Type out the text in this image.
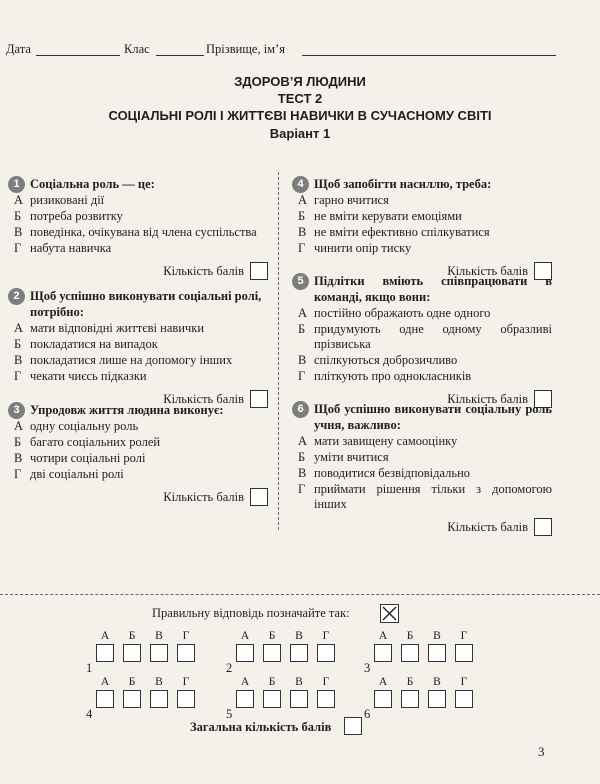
Дата	Клас	Прізвище, ім’я
ЗДОРОВ’Я ЛЮДИНИ
ТЕСТ 2
СОЦІАЛЬНІ РОЛІ І ЖИТТЄВІ НАВИЧКИ В СУЧАСНОМУ СВІТІ
Варіант 1
1 Соціальна роль — це:
А ризиковані дії
Б потреба розвитку
В поведінка, очікувана від члена суспільства
Г набута навичка
Кількість балів
2 Щоб успішно виконувати соціальні ролі, потрібно:
А мати відповідні життєві навички
Б покладатися на випадок
В покладатися лише на допомогу інших
Г чекати чиєсь підказки
Кількість балів
3 Упродовж життя людина виконує:
А одну соціальну роль
Б багато соціальних ролей
В чотири соціальні ролі
Г дві соціальні ролі
Кількість балів
4 Щоб запобігти насиллю, треба:
А гарно вчитися
Б не вміти керувати емоціями
В не вміти ефективно спілкуватися
Г чинити опір тиску
Кількість балів
5 Підлітки вміють співпрацювати в команді, якщо вони:
А постійно ображають одне одного
Б придумують одне одному образливі прізвиська
В спілкуються доброзичливо
Г пліткують про однокласників
Кількість балів
6 Щоб успішно виконувати соціальну роль учня, важливо:
А мати завищену самооцінку
Б уміти вчитися
В поводитися безвідповідально
Г приймати рішення тільки з допомогою інших
Кількість балів
Правильну відповідь позначайте так:
1
А	Б	В	Г
2
А	Б	В	Г
3
А	Б	В	Г
4
А	Б	В	Г
5
А	Б	В	Г
6
А	Б	В	Г
Загальна кількість балів
3
